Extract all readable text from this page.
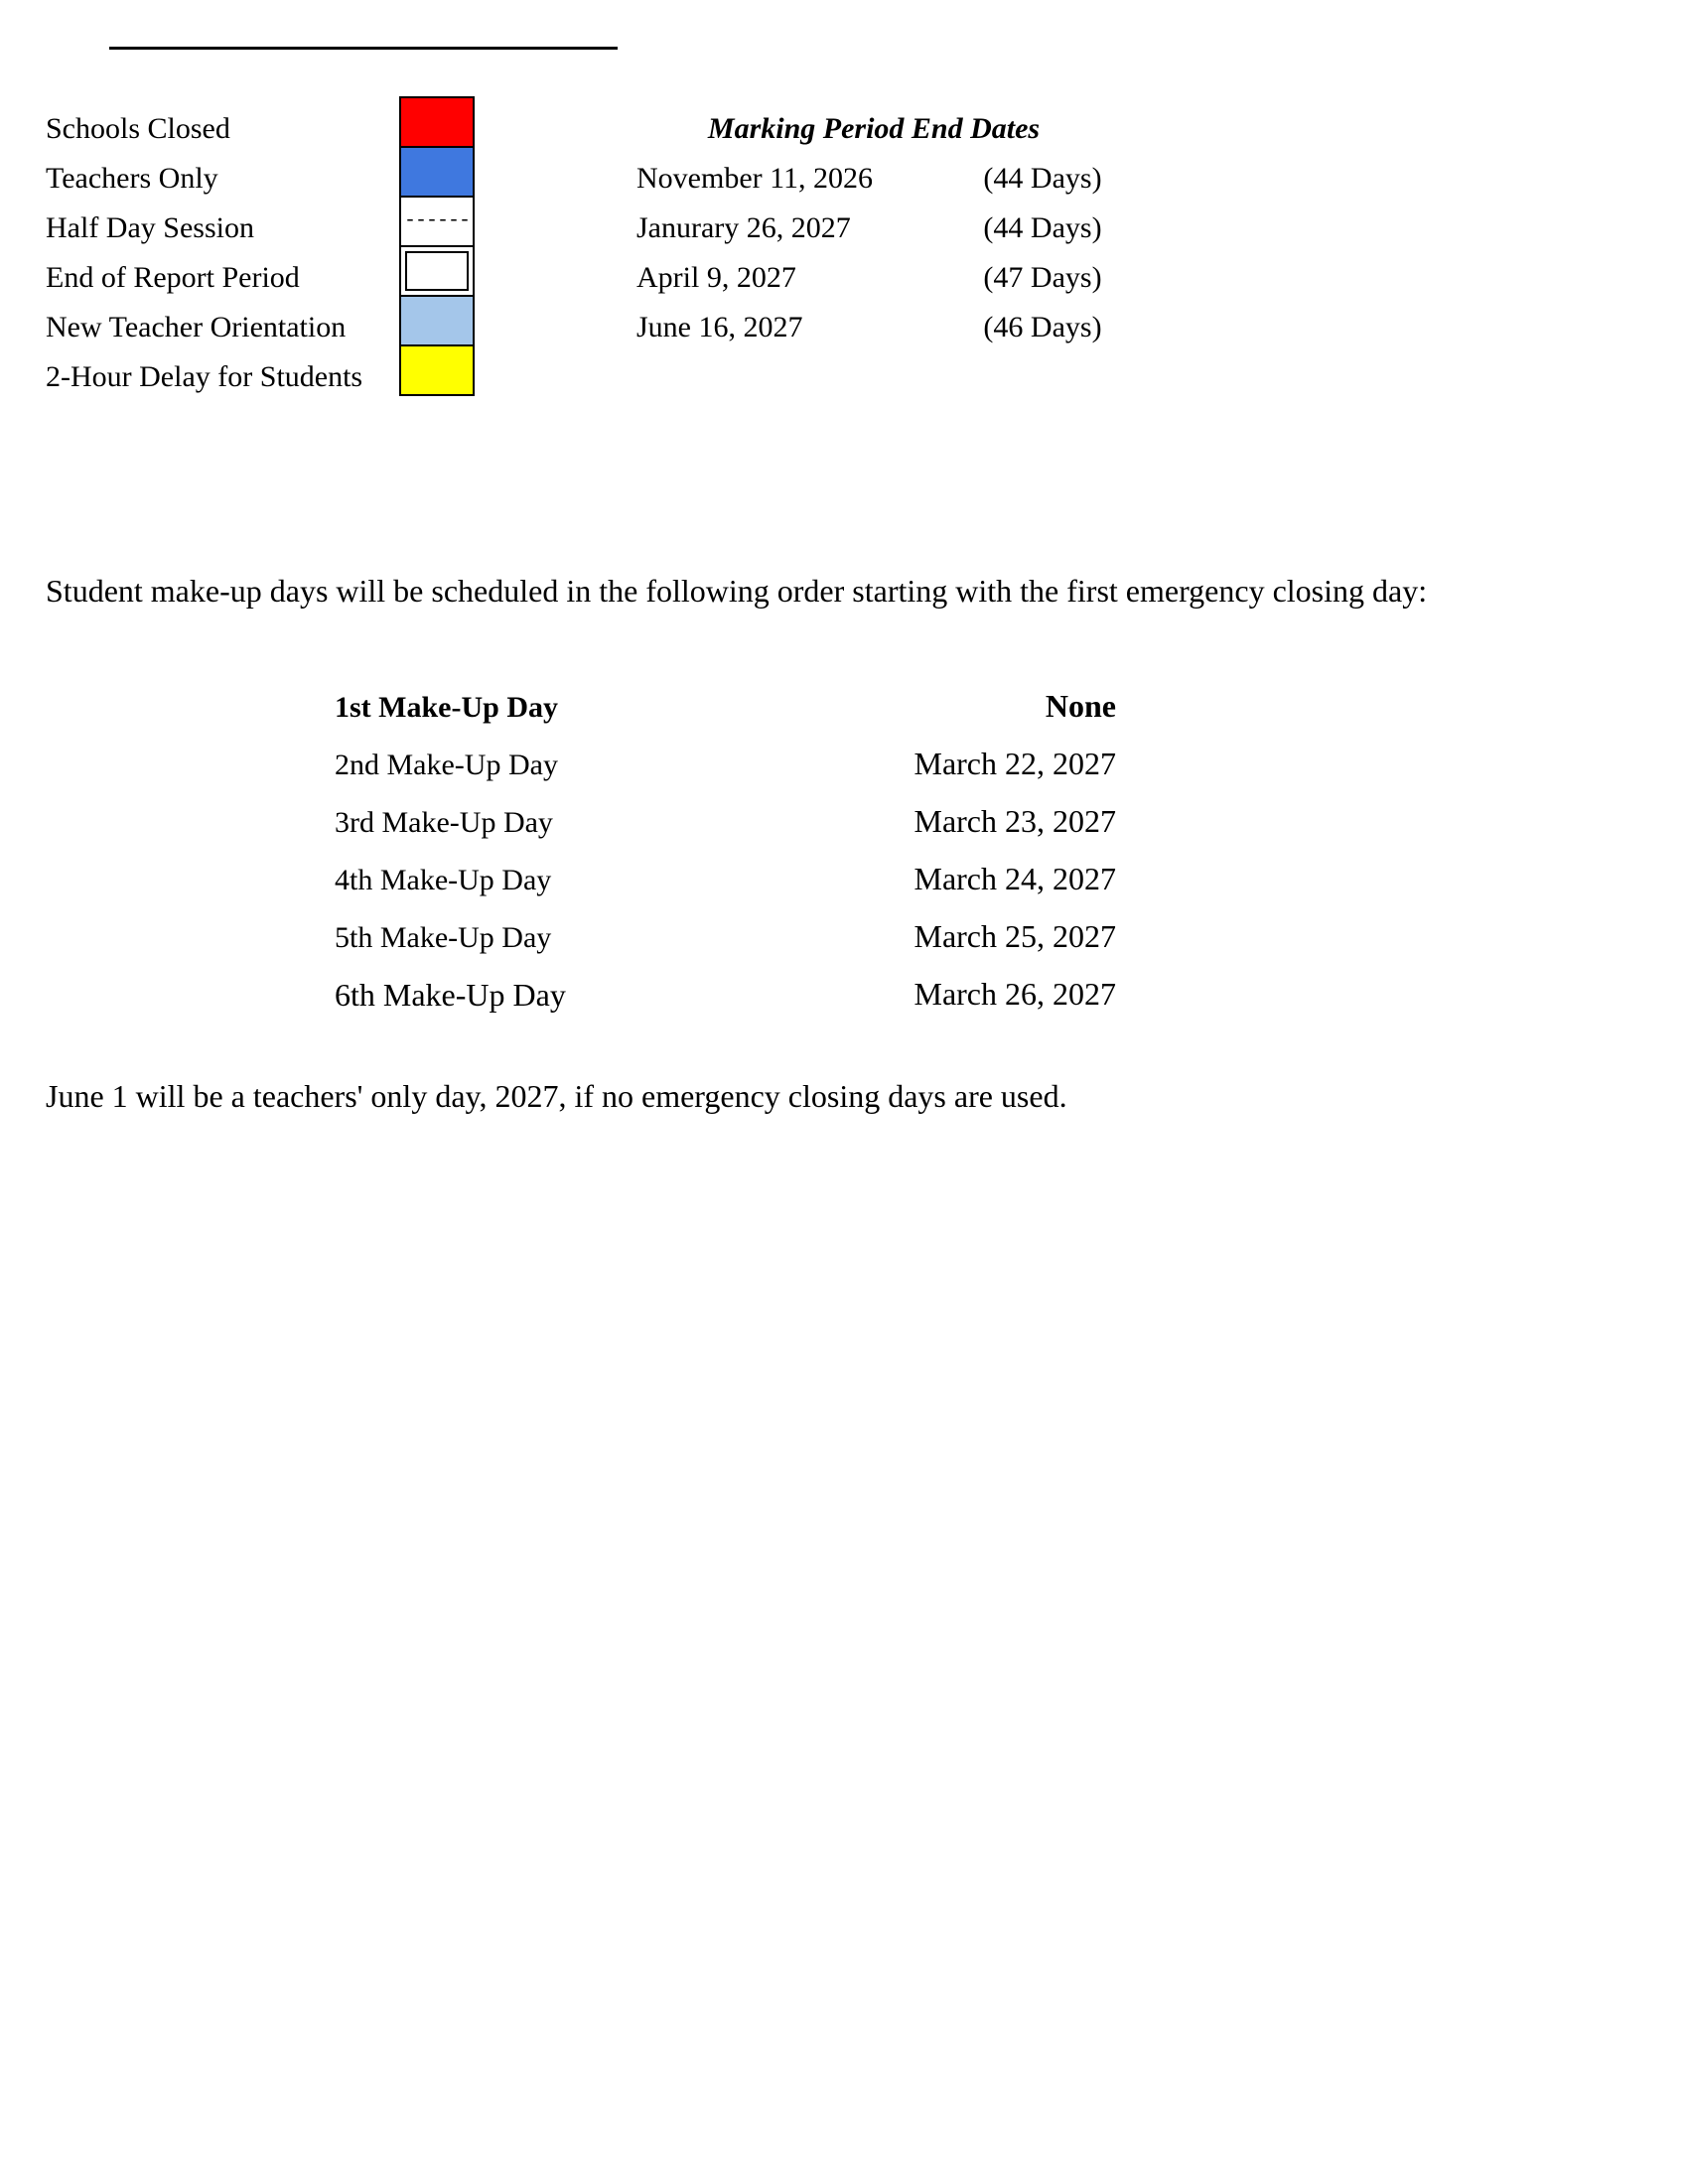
Schools Closed
Teachers Only
Half Day Session	------
End of Report Period
New Teacher Orientation
2-Hour Delay for Students
Marking Period End Dates
November 11, 2026	(44 Days)
Janurary 26, 2027	(44 Days)
April 9, 2027	(47 Days)
June 16, 2027	(46 Days)
Student make-up days will be scheduled in the following order starting with the first emergency closing day:
1st Make-Up Day	None
2nd Make-Up Day	March 22, 2027
3rd Make-Up Day	March 23, 2027
4th Make-Up Day	March 24, 2027
5th Make-Up Day	March 25, 2027
6th Make-Up Day	March 26, 2027
June 1 will be a teachers' only day, 2027, if no emergency closing days are used.
